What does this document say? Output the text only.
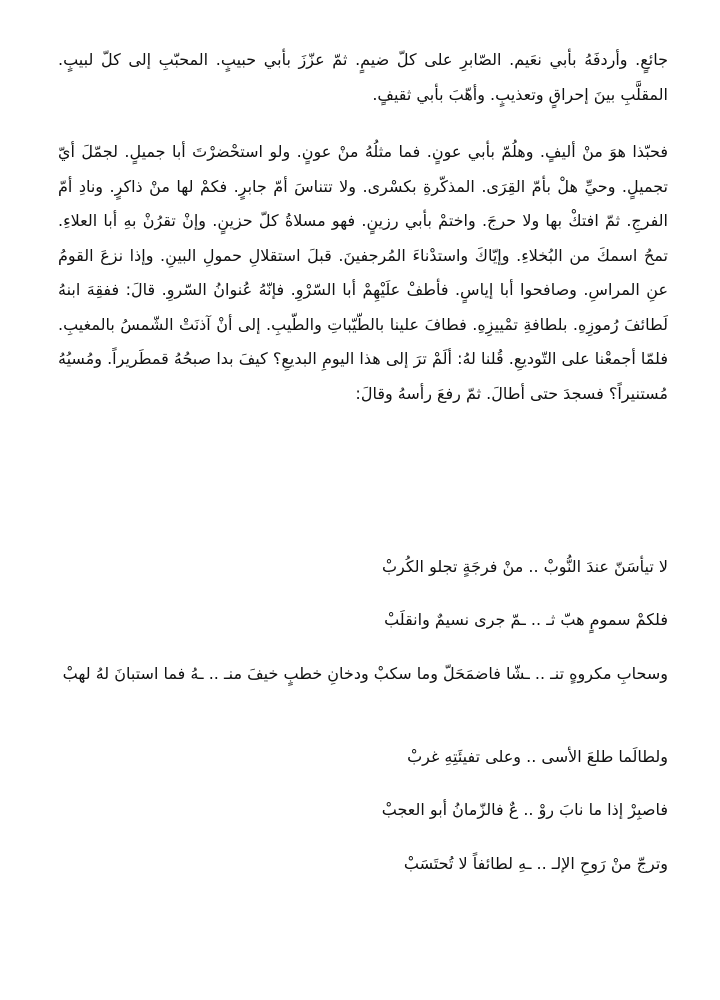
جائعٍ. وأردفَهُ بأبي نعَيم. الصّابرِ على كلّ ضيمٍ. ثمّ عزّزَ بأبي حبيبٍ. المحبّبِ إلى كلّ لبيبٍ. المقلَّبِ بينَ إحراقٍ وتعذيبٍ. وأهّبَ بأبي ثقيفٍ.

فحبّذا هوَ منْ أليفٍ. وهلُمّ بأبي عونٍ. فما مثلُهُ منْ عونٍ. ولو استحْضرْتَ أبا جميلٍ. لجمّلَ أيّ تجميلٍ. وحيِّ هلْ بأمّ القِرَى. المذكّرةِ بكسْرى. ولا تتناسَ أمّ جابرٍ. فكمْ لها منْ ذاكرٍ. ونادِ أمّ الفرجِ. ثمّ افتكْ بها ولا حرجَ. واختمْ بأبي رزينٍ. فهو مسلاةُ كلّ حزينٍ. وإنْ تقرُنْ بهِ أبا العلاءِ. تمحُ اسمكَ من البُخلاءِ. وإيّاكَ واستدْناءَ المُرجفينَ. قبلَ استقلالِ حمولِ البينِ. وإذا نزعَ القومُ عنِ المراسِ. وصافحوا أبا إياسٍ. فأطفْ علَيْهِمْ أبا السّرْوِ. فإنّهُ عُنوانُ السّروِ. قالَ: ففقِهَ ابنهُ لَطائفَ رُموزِهِ. بلطافةِ تمْييزِهِ. فطافَ علينا بالطّيّباتِ والطّيبِ. إلى أنْ آذنَتْ الشّمسُ بالمغيبِ. فلمّا أجمعْنا على التّوديعِ. قُلنا لهُ: ألَمْ ترَ إلى هذا اليومِ البديعِ؟ كيفَ بدا صبحُهُ قمطَريراً. ومُسيُهُ مُستنيراً؟ فسجدَ حتى أطالَ. ثمّ رفعَ رأسهُ وقالَ:

لا تيأسَنّ عندَ النُّوبْ .. منْ فرجَةٍ تجلو الكُربْ

فلكمْ سمومٍ هبّ ثـ .. ـمّ جرى نسيمٌ وانقلَبْ

وسحابِ مكروهٍ تنـ .. ـشّا فاضمَحَلّ وما سكبْ ودخانِ خطبٍ خيفَ منـ .. ـهُ فما استبانَ لهُ لهبْ

ولطالَما طلعَ الأسى .. وعلى تفيئَتِهِ غربْ

فاصبِرْ إذا ما نابَ روْ .. عٌ فالزّمانُ أبو العجبْ

وترجّ منْ رَوحِ الإلـ .. ـهِ لطائفاً لا تُحتَسَبْ
